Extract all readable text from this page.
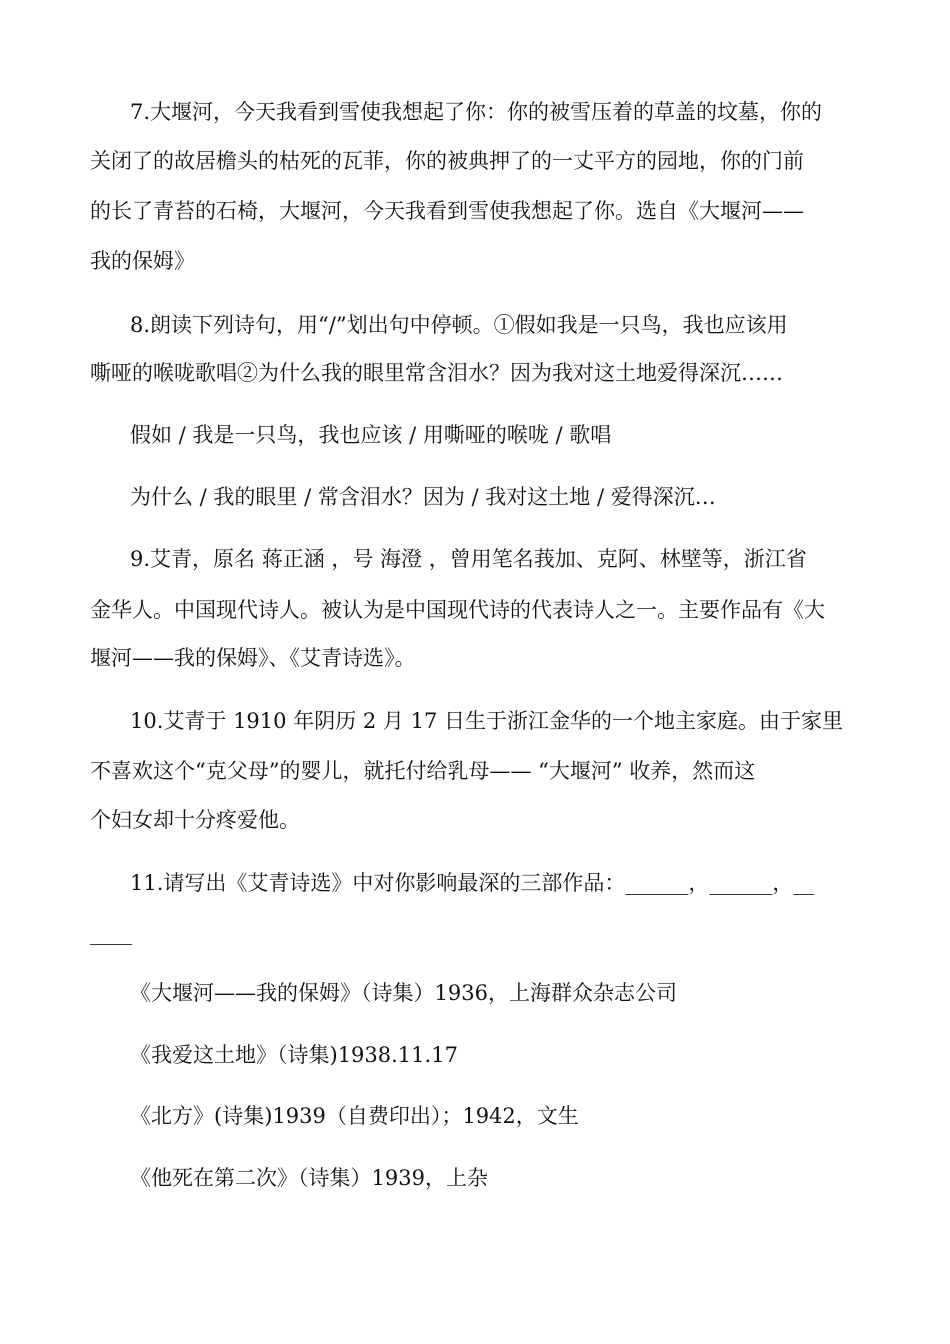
7.大堰河，今天我看到雪使我想起了你：你的被雪压着的草盖的坟墓，你的
关闭了的故居檐头的枯死的瓦菲，你的被典押了的一丈平方的园地，你的门前
的长了青苔的石椅，大堰河，今天我看到雪使我想起了你。选自《大堰河——
我的保姆》
8.朗读下列诗句，用“/”划出句中停顿。①假如我是一只鸟，我也应该用
嘶哑的喉咙歌唱②为什么我的眼里常含泪水？因为我对这土地爱得深沉……
假如 / 我是一只鸟，我也应该 / 用嘶哑的喉咙 / 歌唱
为什么 / 我的眼里 / 常含泪水？因为 / 我对这土地 / 爱得深沉…
9.艾青，原名 蒋正涵 ，号 海澄 ，曾用笔名莪加、克阿、林壁等，浙江省
金华人。中国现代诗人。被认为是中国现代诗的代表诗人之一。主要作品有《大
堰河——我的保姆》、《艾青诗选》。
10.艾青于 1910 年阴历 2 月 17 日生于浙江金华的一个地主家庭。由于家里
不喜欢这个“克父母”的婴儿，就托付给乳母—— “大堰河” 收养，然而这
个妇女却十分疼爱他。
11.请写出《艾青诗选》中对你影响最深的三部作品：______，______，__
____
《大堰河——我的保姆》（诗集）1936，上海群众杂志公司
《我爱这土地》（诗集)1938.11.17
《北方》(诗集)1939（自费印出）；1942，文生
《他死在第二次》（诗集）1939，上杂
